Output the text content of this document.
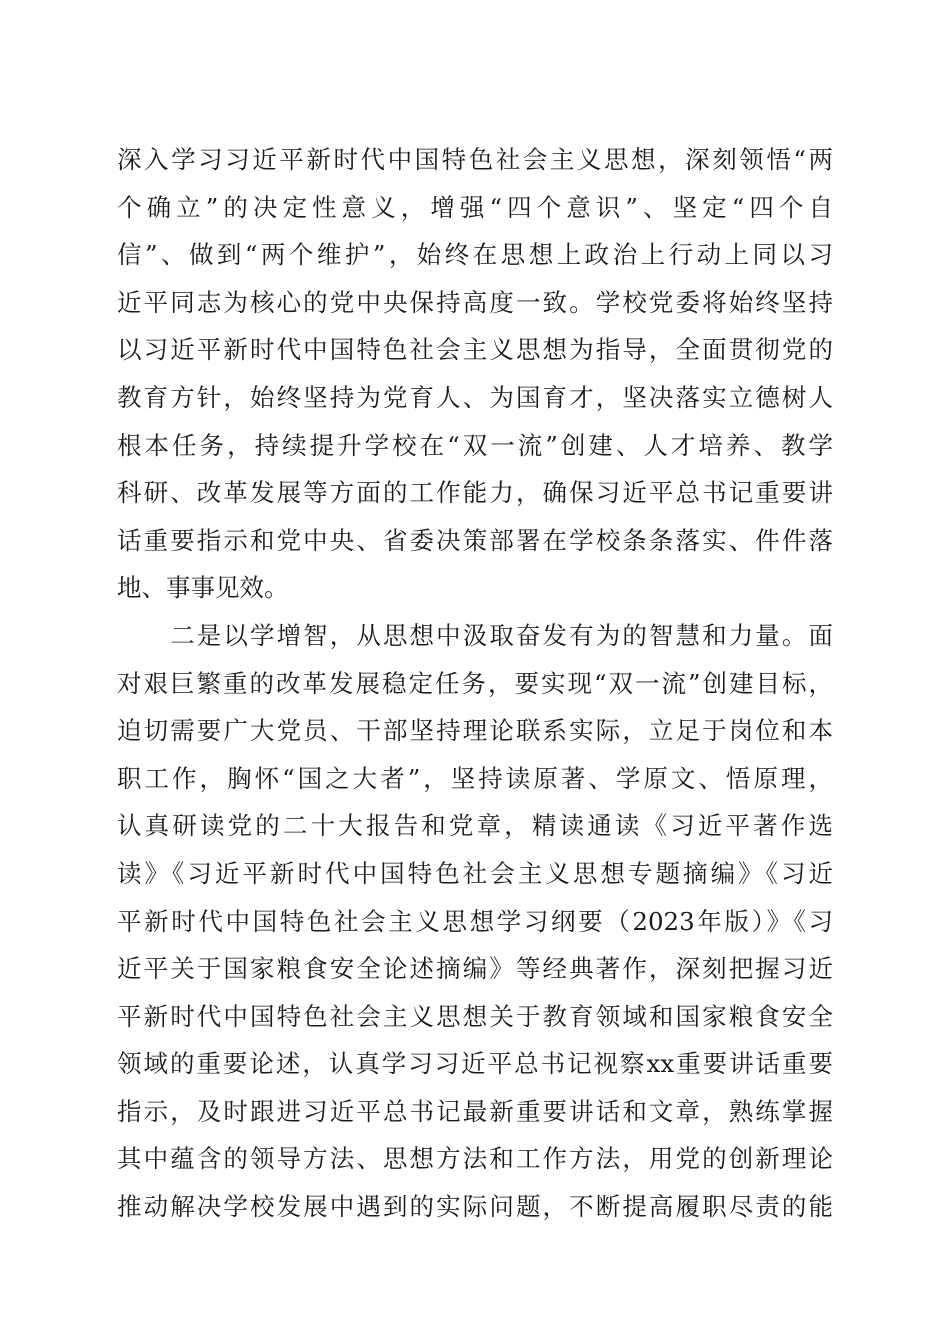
深入学习习近平新时代中国特色社会主义思想，深刻领悟“两
个确立”的决定性意义，增强“四个意识”、坚定“四个自
信”、做到“两个维护”，始终在思想上政治上行动上同以习
近平同志为核心的党中央保持高度一致。学校党委将始终坚持
以习近平新时代中国特色社会主义思想为指导，全面贯彻党的
教育方针，始终坚持为党育人、为国育才，坚决落实立德树人
根本任务，持续提升学校在“双一流”创建、人才培养、教学
科研、改革发展等方面的工作能力，确保习近平总书记重要讲
话重要指示和党中央、省委决策部署在学校条条落实、件件落
地、事事见效。
　　二是以学增智，从思想中汲取奋发有为的智慧和力量。面
对艰巨繁重的改革发展稳定任务，要实现“双一流”创建目标，
迫切需要广大党员、干部坚持理论联系实际，立足于岗位和本
职工作，胸怀“国之大者”，坚持读原著、学原文、悟原理，
认真研读党的二十大报告和党章，精读通读《习近平著作选
读》《习近平新时代中国特色社会主义思想专题摘编》《习近
平新时代中国特色社会主义思想学习纲要（2023年版）》《习
近平关于国家粮食安全论述摘编》等经典著作，深刻把握习近
平新时代中国特色社会主义思想关于教育领域和国家粮食安全
领域的重要论述，认真学习习近平总书记视察xx重要讲话重要
指示，及时跟进习近平总书记最新重要讲话和文章，熟练掌握
其中蕴含的领导方法、思想方法和工作方法，用党的创新理论
推动解决学校发展中遇到的实际问题，不断提高履职尽责的能
